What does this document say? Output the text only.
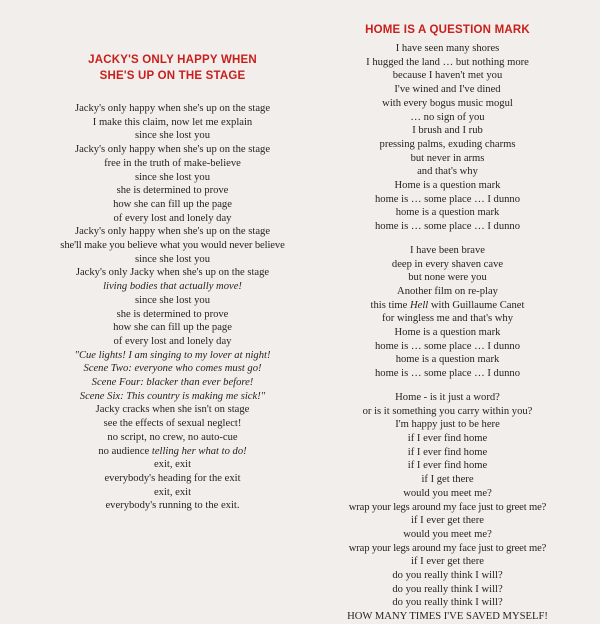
JACKY'S ONLY HAPPY WHEN
SHE'S UP ON THE STAGE
Jacky's only happy when she's up on the stage
I make this claim, now let me explain
since she lost you
Jacky's only happy when she's up on the stage
free in the truth of make-believe
since she lost you
she is determined to prove
how she can fill up the page
of every lost and lonely day
Jacky's only happy when she's up on the stage
she'll make you believe what you would never believe
since she lost you
Jacky's only Jacky when she's up on the stage
living bodies that actually move!
since she lost you
she is determined to prove
how she can fill up the page
of every lost and lonely day
"Cue lights! I am singing to my lover at night!
Scene Two: everyone who comes must go!
Scene Four: blacker than ever before!
Scene Six: This country is making me sick!"
Jacky cracks when she isn't on stage
see the effects of sexual neglect!
no script, no crew, no auto-cue
no audience telling her what to do!
exit, exit
everybody's heading for the exit
exit, exit
everybody's running to the exit.
HOME IS A QUESTION MARK
I have seen many shores
I hugged the land … but nothing more
because I haven't met you
I've wined and I've dined
with every bogus music mogul
… no sign of you
I brush and I rub
pressing palms, exuding charms
but never in arms
and that's why
Home is a question mark
home is … some place … I dunno
home is a question mark
home is … some place … I dunno
I have been brave
deep in every shaven cave
but none were you
Another film on re-play
this time Hell with Guillaume Canet
for wingless me and that's why
Home is a question mark
home is … some place … I dunno
home is a question mark
home is … some place … I dunno
Home - is it just a word?
or is it something you carry within you?
I'm happy just to be here
if I ever find home
if I ever find home
if I ever find home
if I get there
would you meet me?
wrap your legs around my face just to greet me?
if I ever get there
would you meet me?
wrap your legs around my face just to greet me?
if I ever get there
do you really think I will?
do you really think I will?
do you really think I will?
HOW MANY TIMES I'VE SAVED MYSELF!
